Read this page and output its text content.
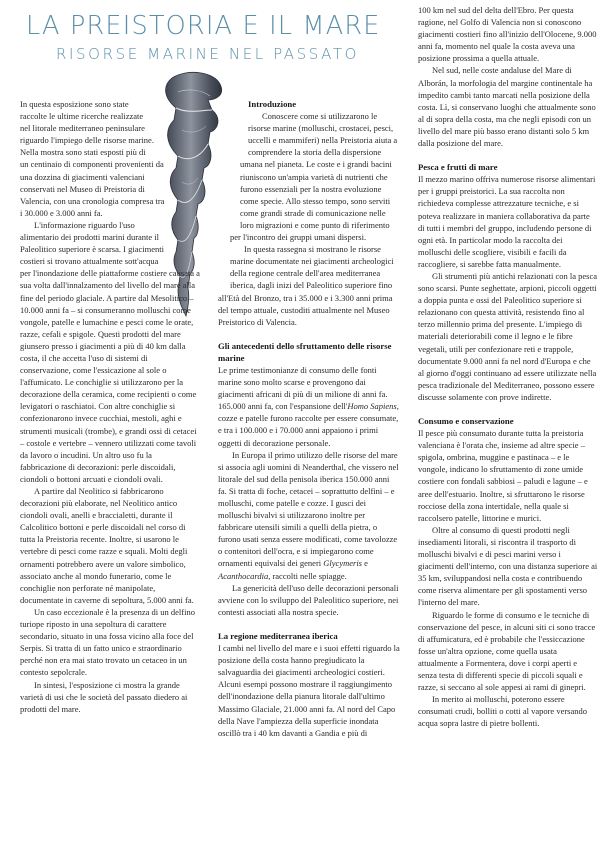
LA PREISTORIA E IL MARE
RISORSE MARINE NEL PASSATO

In questa esposizione sono state raccolte le ultime ricerche realizzate nel litorale mediterraneo peninsulare riguardo l'impiego delle risorse marine. Nella mostra sono stati esposti più di un centinaio di componenti provenienti da una dozzina di giacimenti valenciani conservati nel Museo di Preistoria di Valencia, con una cronologia compresa tra i 30.000 e 3.000 anni fa.

L'informazione riguardo l'uso alimentario dei prodotti marini durante il Paleolitico superiore è scarsa. I giacimenti costieri si trovano attualmente sott'acqua per l'inondazione delle piattaforme costiere causata a sua volta dall'innalzamento del livello del mare alla fine del periodo glaciale. A partire dal Mesolitico – 10.000 anni fa – si consumeranno molluschi come vongole, patelle e lumachine e pesci come le orate, razze, cefali e spigole. Questi prodotti del mare giunsero presso i giacimenti a più di 40 km dalla costa, il che accetta l'uso di sistemi di conservazione, come l'essicazione al sole o l'affumicato. Le conchiglie si utilizzarono per la decorazione della ceramica, come recipienti o come levigatori o raschiatoi. Con altre conchiglie si confezionarono invece cucchiai, mestoli, aghi e strumenti musicali (trombe), e grandi ossi di cetacei – costole e vertebre – vennero utilizzati come tavoli da lavoro o incudini. Un altro uso fu la fabbricazione di decorazioni: perle discoidali, ciondoli o bottoni arcuati e ciondoli ovali.

A partire dal Neolitico si fabbricarono decorazioni più elaborate, nel Neolitico antico ciondoli ovali, anelli e braccialetti, durante il Calcolitico bottoni e perle discoidali nel corso di tutta la Preistoria recente. Inoltre, si usarono le vertebre di pesci come razze e squali. Molti degli ornamenti potrebbero avere un valore simbolico, associato anche al mondo funerario, come le conchiglie non perforate né manipolate, documentate in caverne di sepoltura, 5.000 anni fa.

Un caso eccezionale è la presenza di un delfino turiope riposto in una sepoltura di carattere secondario, situato in una fossa vicino alla foce del Serpis. Si tratta di un fatto unico e straordinario perché non era mai stato trovato un cetaceo in un contesto sepolcrale.

In sintesi, l'esposizione ci mostra la grande varietà di usi che le società del passato diedero ai prodotti del mare.

Introduzione

Conoscere come si utilizzarono le risorse marine (molluschi, crostacei, pesci, uccelli e mammiferi) nella Preistoria aiuta a comprendere la storia della dispersione umana nel pianeta. Le coste e i grandi bacini riuniscono un'ampia varietà di nutrienti che furono essenziali per la nostra evoluzione come specie. Allo stesso tempo, sono serviti come grandi strade di comunicazione nelle loro migrazioni e come punto di riferimento per l'incontro dei gruppi umani dispersi.

In questa rassegna si mostrano le risorse marine documentate nei giacimenti archeologici della regione centrale dell'area mediterranea iberica, dagli inizi del Paleolitico superiore fino all'Età del Bronzo, tra i 35.000 e i 3.300 anni prima del tempo attuale, custoditi attualmente nel Museo Preistorico di Valencia.

Gli antecedenti dello sfruttamento delle risorse marine

Le prime testimonianze di consumo delle fonti marine sono molto scarse e provengono dai giacimenti africani di più di un milione di anni fa. 165.000 anni fa, con l'espansione dell'Homo Sapiens, cozze e patelle furono raccolte per essere consumate, e tra i 100.000 e i 70.000 anni appaiono i primi oggetti di decorazione personale.

In Europa il primo utilizzo delle risorse del mare si associa agli uomini di Neanderthal, che vissero nel litorale del sud della penisola iberica 150.000 anni fa. Si tratta di foche, cetacei – soprattutto delfini – e molluschi, come patelle e cozze. I gusci dei molluschi bivalvi si utilizzarono inoltre per fabbricare utensili simili a quelli della pietra, o furono usati senza essere modificati, come tavolozze o contenitori dell'ocra, e si impiegarono come ornamenti equivalsi dei generi Glycymeris e Acanthocardia, raccolti nelle spiagge.

La genericità dell'uso delle decorazioni personali avviene con lo sviluppo del Paleolitico superiore, nei contesti associati alla nostra specie.

La regione mediterranea iberica

I cambi nel livello del mare e i suoi effetti riguardo la posizione della costa hanno pregiudicato la salvaguardia dei giacimenti archeologici costieri. Alcuni esempi possono mostrare il raggiungimento dell'inondazione della pianura litorale dall'ultimo Massimo Glaciale, 21.000 anni fa. Al nord del Capo della Nave l'ampiezza della superficie inondata oscillò tra i 40 km davanti a Gandia e più di

100 km nel sud del delta dell'Ebro. Per questa ragione, nel Golfo di Valencia non si conoscono giacimenti costieri fino all'inizio dell'Olocene, 9.000 anni fa, momento nel quale la costa aveva una posizione prossima a quella attuale.

Nel sud, nelle coste andaluse del Mare di Alborán, la morfologia del margine continentale ha impedito cambi tanto marcati nella posizione della costa. Lì, si conservano luoghi che attualmente sono al di sopra della costa, ma che negli episodi con un livello del mare più basso erano distanti solo 5 km dalla posizione del mare.

Pesca e frutti di mare

Il mezzo marino offriva numerose risorse alimentari per i gruppi preistorici. La sua raccolta non richiedeva complesse attrezzature tecniche, e si poteva realizzare in maniera collaborativa da parte di tutti i membri del gruppo, includendo persone di ogni età. In particolar modo la raccolta dei molluschi delle scogliere, visibili e facili da raccogliere, si sarebbe fatta manualmente.

Gli strumenti più antichi relazionati con la pesca sono scarsi. Punte seghettate, arpioni, piccoli oggetti a doppia punta e ossi del Paleolitico superiore si relazionano con questa attività, resistendo fino al terzo millennio prima del presente. L'impiego di materiali deteriorabili come il legno e le fibre vegetali, utili per confezionare reti e trappole, documentate 9.000 anni fa nel nord d'Europa e che al giorno d'oggi continuano ad essere utilizzate nella pesca tradizionale del Mediterraneo, possono essere discusse solamente con prove indirette.

Consumo e conservazione

Il pesce più consumato durante tutta la preistoria valenciana è l'orata che, insieme ad altre specie – spigola, ombrina, muggine e pastinaca – e le vongole, indicano lo sfruttamento di zone umide costiere con fondali sabbiosi – paludi e lagune – e aree dell'estuario. Inoltre, si sfruttarono le risorse rocciose della zona intertidale, nella quale si raccolsero patelle, littorine e murici.

Oltre al consumo di questi prodotti negli insediamenti litorali, si riscontra il trasporto di molluschi bivalvi e di pesci marini verso i giacimenti dell'interno, con una distanza superiore ai 35 km, sviluppandosi nella costa e contribuendo come riserva alimentare per gli spostamenti verso l'interno del mare.

Riguardo le forme di consumo e le tecniche di conservazione del pesce, in alcuni siti ci sono tracce di affumicatura, ed è probabile che l'essiccazione fosse un'altra opzione, come quella usata attualmente a Formentera, dove i corpi aperti e senza testa di differenti specie di piccoli squali e razze, si seccano al sole appesi ai rami di ginepri.

In merito ai molluschi, poterono essere consumati crudi, bolliti o cotti al vapore versando acqua sopra lastre di pietre bollenti.
